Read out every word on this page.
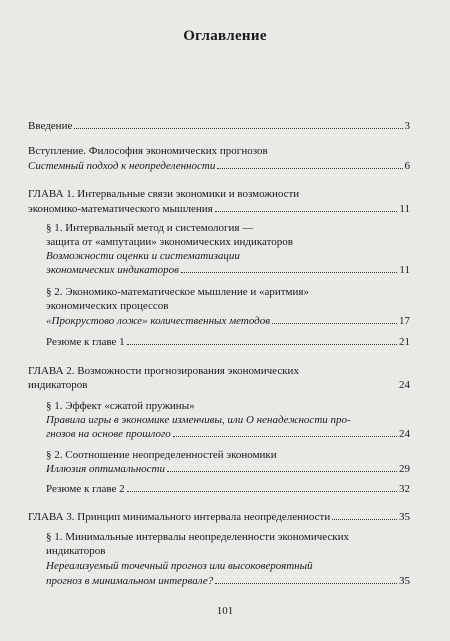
Оглавление
Введение	3
Вступление. Философия экономических прогнозов
Системный подход к неопределенности	6
ГЛАВА 1. Интервальные связи экономики и возможности
экономико-математического мышления	11
§ 1. Интервальный метод и системология —
защита от «ампутации» экономических индикаторов
Возможности оценки и систематизации
экономических индикаторов	11
§ 2. Экономико-математическое мышление и «аритмия»
экономических процессов
«Прокрустово ложе» количественных методов	17
Резюме к главе 1	21
ГЛАВА 2. Возможности прогнозирования экономических
индикаторов	24
§ 1. Эффект «сжатой пружины»
Правила игры в экономике изменчивы, или О ненадежности про-
гнозов на основе прошлого	24
§ 2. Соотношение неопределенностей экономики
Иллюзия оптимальности	29
Резюме к главе 2	32
ГЛАВА 3. Принцип минимального интервала неопределенности	35
§ 1. Минимальные интервалы неопределенности экономических
индикаторов
Нереализуемый точечный прогноз или высоковероятный
прогноз в минимальном интервале?	35
101
